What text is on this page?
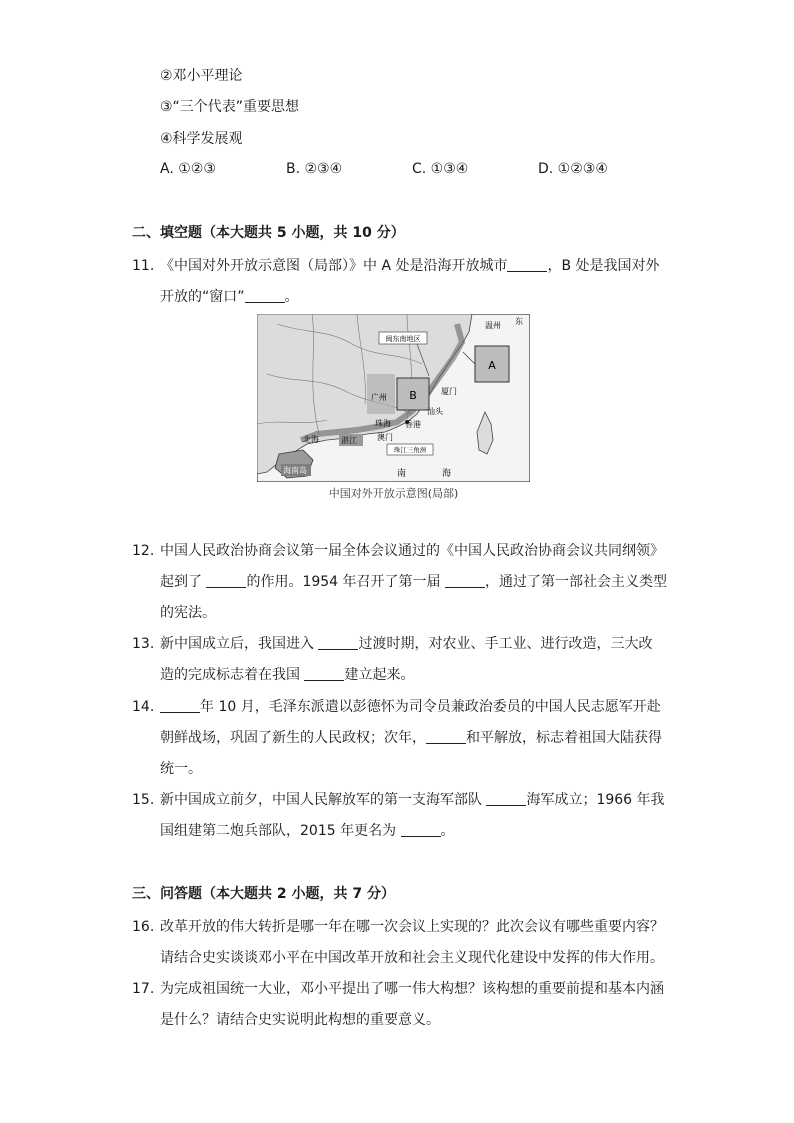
②邓小平理论
③“三个代表”重要思想
④科学发展观
A. ①②③	B. ②③④	C. ①③④	D. ①②③④
二、填空题（本大题共 5 小题，共 10 分）
11. 《中国对外开放示意图（局部）》中 A 处是沿海开放城市	，B 处是我国对外
开放的“窗口”	。
闽东南地区
A
B
广州
温州 东
厦门
汕头
珠海 香港
澳门
珠江三角洲
北海	湛江
海南岛	南	海
中国对外开放示意图(局部)
12. 中国人民政治协商会议第一届全体会议通过的《中国人民政治协商会议共同纲领》
起到了	的作用。1954 年召开了第一届	，通过了第一部社会主义类型
的宪法。
13. 新中国成立后，我国进入	过渡时期，对农业、手工业、进行改造，三大改
造的完成标志着在我国	建立起来。
14.	年 10 月，毛泽东派遣以彭德怀为司令员兼政治委员的中国人民志愿军开赴
朝鲜战场，巩固了新生的人民政权；次年，	和平解放，标志着祖国大陆获得
统一。
15. 新中国成立前夕，中国人民解放军的第一支海军部队	海军成立；1966 年我
国组建第二炮兵部队，2015 年更名为	。
三、问答题（本大题共 2 小题，共 7 分）
16. 改革开放的伟大转折是哪一年在哪一次会议上实现的？此次会议有哪些重要内容？
请结合史实谈谈邓小平在中国改革开放和社会主义现代化建设中发挥的伟大作用。
17. 为完成祖国统一大业，邓小平提出了哪一伟大构想？该构想的重要前提和基本内涵
是什么？请结合史实说明此构想的重要意义。
